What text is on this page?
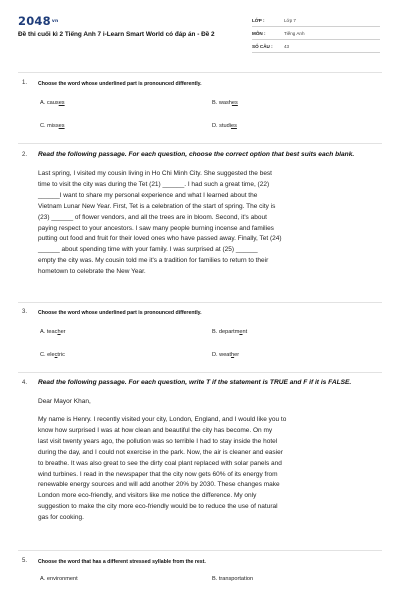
2048vn
Đề thi cuối kì 2 Tiếng Anh 7 i-Learn Smart World có đáp án - Đề 2
LỚP :	Lớp 7
MÔN :	Tiếng Anh
SỐ CÂU :	43
1. Choose the word whose underlined part is pronounced differently.
A. causes	B. washes
C. misses	D. studies
2. Read the following passage. For each question, choose the correct option that best suits each blank.
Last spring, I visited my cousin living in Ho Chi Minh City. She suggested the best
time to visit the city was during the Tet (21) ______. I had such a great time, (22)
______I want to share my personal experience and what I learned about the
Vietnam Lunar New Year. First, Tet is a celebration of the start of spring. The city is
(23) ______ of flower vendors, and all the trees are in bloom. Second, it's about
paying respect to your ancestors. I saw many people burning incense and families
putting out food and fruit for their loved ones who have passed away. Finally, Tet (24)
______ about spending time with your family. I was surprised at (25) ______
empty the city was. My cousin told me it's a tradition for families to return to their
hometown to celebrate the New Year.
3. Choose the word whose underlined part is pronounced differently.
A. teacher	B. department
C. electric	D. weather
4. Read the following passage. For each question, write T if the statement is TRUE and F if it is FALSE.
Dear Mayor Khan,
My name is Henry. I recently visited your city, London, England, and I would like you to
know how surprised I was at how clean and beautiful the city has become. On my
last visit twenty years ago, the pollution was so terrible I had to stay inside the hotel
during the day, and I could not exercise in the park. Now, the air is cleaner and easier
to breathe. It was also great to see the dirty coal plant replaced with solar panels and
wind turbines. I read in the newspaper that the city now gets 60% of its energy from
renewable energy sources and will add another 20% by 2030. These changes make
London more eco-friendly, and visitors like me notice the difference. My only
suggestion to make the city more eco-friendly would be to reduce the use of natural
gas for cooking.
5. Choose the word that has a different stressed syllable from the rest.
A. environment	B. transportation
